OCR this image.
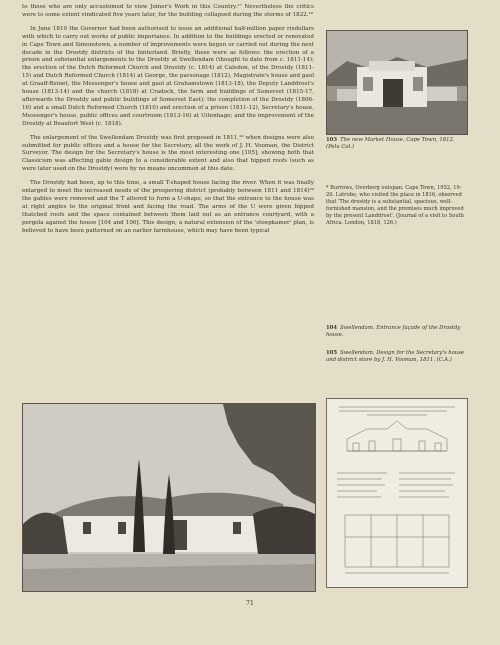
to those who are only accustomed to view Joiner's Work in this Country.¹⁷ Nevertheless the critics were to some extent vindicated five years later, for the building collapsed during the storms of 1822.¹⁸

In June 1810 the Governor had been authorised to issue an additional half-million paper rixdollars with which to carry out works of public importance. In addition to the buildings erected or renovated in Cape Town and Simonstown, a number of improvements were begun or carried out during the next decade in the Drostdy districts of the hinterland. Briefly, these were as follows: the erection of a prison and substantial enlargements to the Drostdy at Swellendam (thought to date from c. 1811-14); the erection of the Dutch Reformed Church and Drostdy (c. 1814) at Caledon, of the Drostdy (1811-15) and Dutch Reformed Church (1814) at George, the parsonage (1812), Magistrate's house and gaol at Graaff-Reinet, the Messenger's house and gaol at Grahamstown (1813-18), the Deputy Landdrost's house (1813-14) and the church (1818) at Cradock, the farm and buildings of Somerset (1815-17, afterwards the Drostdy and public buildings of Somerset East); the completion of the Drostdy (1806-16) and a small Dutch Reformed Church (1810) and erection of a prison (1811-12), Secretary's house, Messenger's house, public offices and courtroom (1813-16) at Uitenhage; and the improvement of the Drostdy at Beaufort West (c. 1818).

The enlargement of the Swellendam Drostdy was first proposed in 1811,¹⁹ when designs were also submitted for public offices and a house for the Secretary, all the work of J. H. Vooman, the District Surveyor. The design for the Secretary's house is the most interesting one [105], showing both that Classicism was affecting gable design to a considerable extent and also that hipped roofs (such as were later used on the Drostdy) were by no means uncommon at this date.

The Drostdy had been, up to this time, a small T-shaped house facing the river. When it was finally enlarged to meet the increased needs of the prospering district (probably between 1811 and 1814)²⁰ the gables were removed and the T altered to form a U-shape, so that the entrance to the house was at right angles to the original front and facing the road. The arms of the U were given hipped thatched roofs and the space contained between them laid out as an entrance courtyard, with a pergola against the house [104 and 106]. This design, a natural extension of the 'stoepkamer' plan, is believed to have been patterned on an earlier farmhouse, which may have been typical

103 The new Market House, Cape Town, 1812. (Pelu Col.)
* Burrows, Overberg outspan. Cape Town, 1952, 19-20. Latrobe, who visited the place in 1816, observed that 'The drostdy is a substantial, spacious, well-furnished mansion, and the premises much improved by the present Landdrost'. (Journal of a visit to South Africa. London, 1818, 126.)
104 Swellendam. Entrance façade of the Drostdy house.
105 Swellendam. Design for the Secretary's house and district store by J. H. Vooman, 1811. (C.A.)
71
